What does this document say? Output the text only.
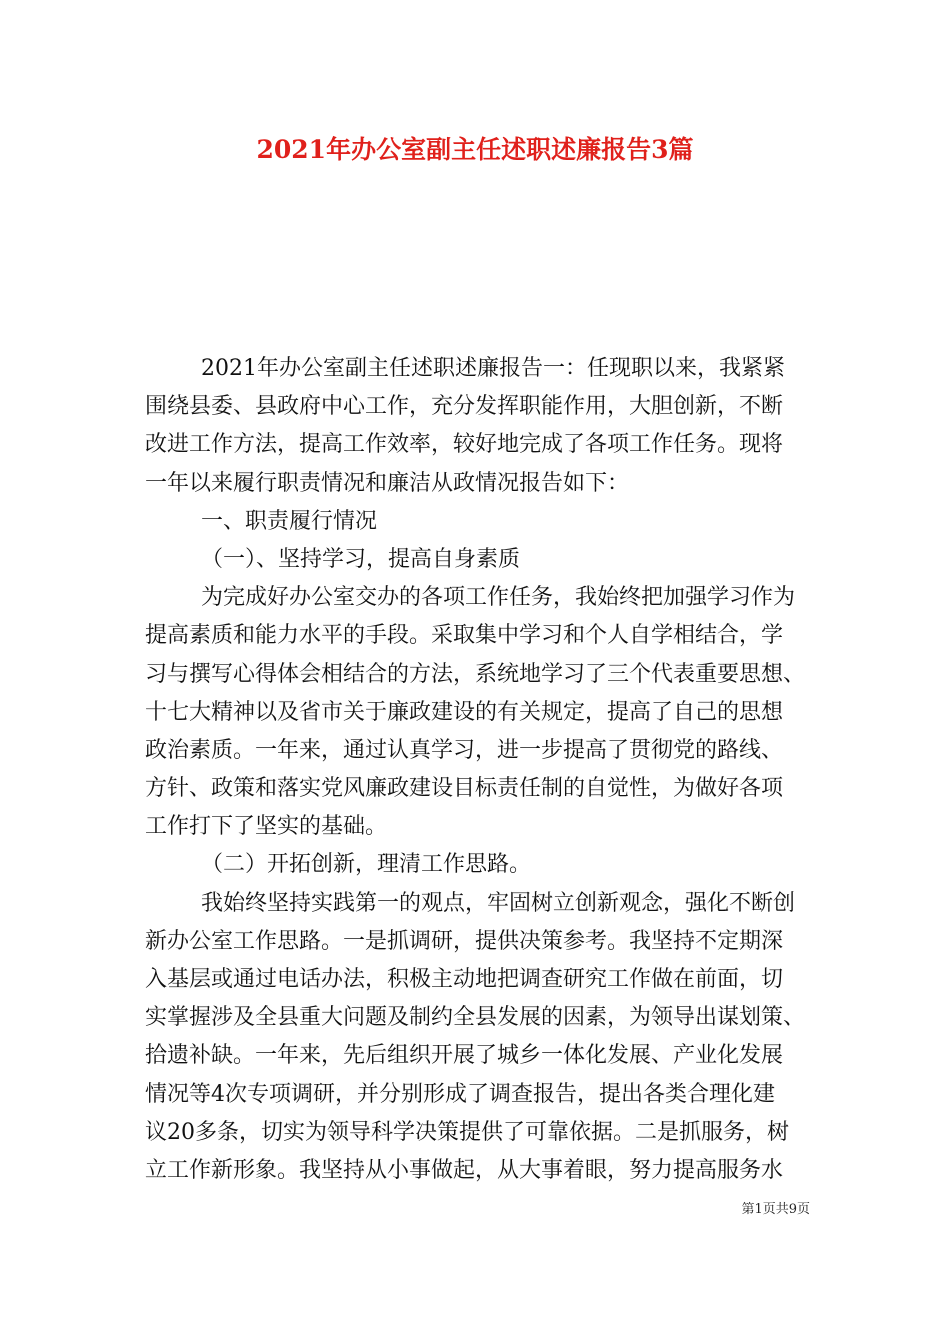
2021年办公室副主任述职述廉报告3篇
2021年办公室副主任述职述廉报告一：任现职以来，我紧紧
围绕县委、县政府中心工作，充分发挥职能作用，大胆创新，不断
改进工作方法，提高工作效率，较好地完成了各项工作任务。现将
一年以来履行职责情况和廉洁从政情况报告如下：
一、职责履行情况
（一）、坚持学习，提高自身素质
为完成好办公室交办的各项工作任务，我始终把加强学习作为
提高素质和能力水平的手段。采取集中学习和个人自学相结合，学
习与撰写心得体会相结合的方法，系统地学习了三个代表重要思想、
十七大精神以及省市关于廉政建设的有关规定，提高了自己的思想
政治素质。一年来，通过认真学习，进一步提高了贯彻党的路线、
方针、政策和落实党风廉政建设目标责任制的自觉性，为做好各项
工作打下了坚实的基础。
（二）开拓创新，理清工作思路。
我始终坚持实践第一的观点，牢固树立创新观念，强化不断创
新办公室工作思路。一是抓调研，提供决策参考。我坚持不定期深
入基层或通过电话办法，积极主动地把调查研究工作做在前面，切
实掌握涉及全县重大问题及制约全县发展的因素，为领导出谋划策、
拾遗补缺。一年来，先后组织开展了城乡一体化发展、产业化发展
情况等4次专项调研，并分别形成了调查报告，提出各类合理化建
议20多条，切实为领导科学决策提供了可靠依据。二是抓服务，树
立工作新形象。我坚持从小事做起，从大事着眼，努力提高服务水
第1页共9页
